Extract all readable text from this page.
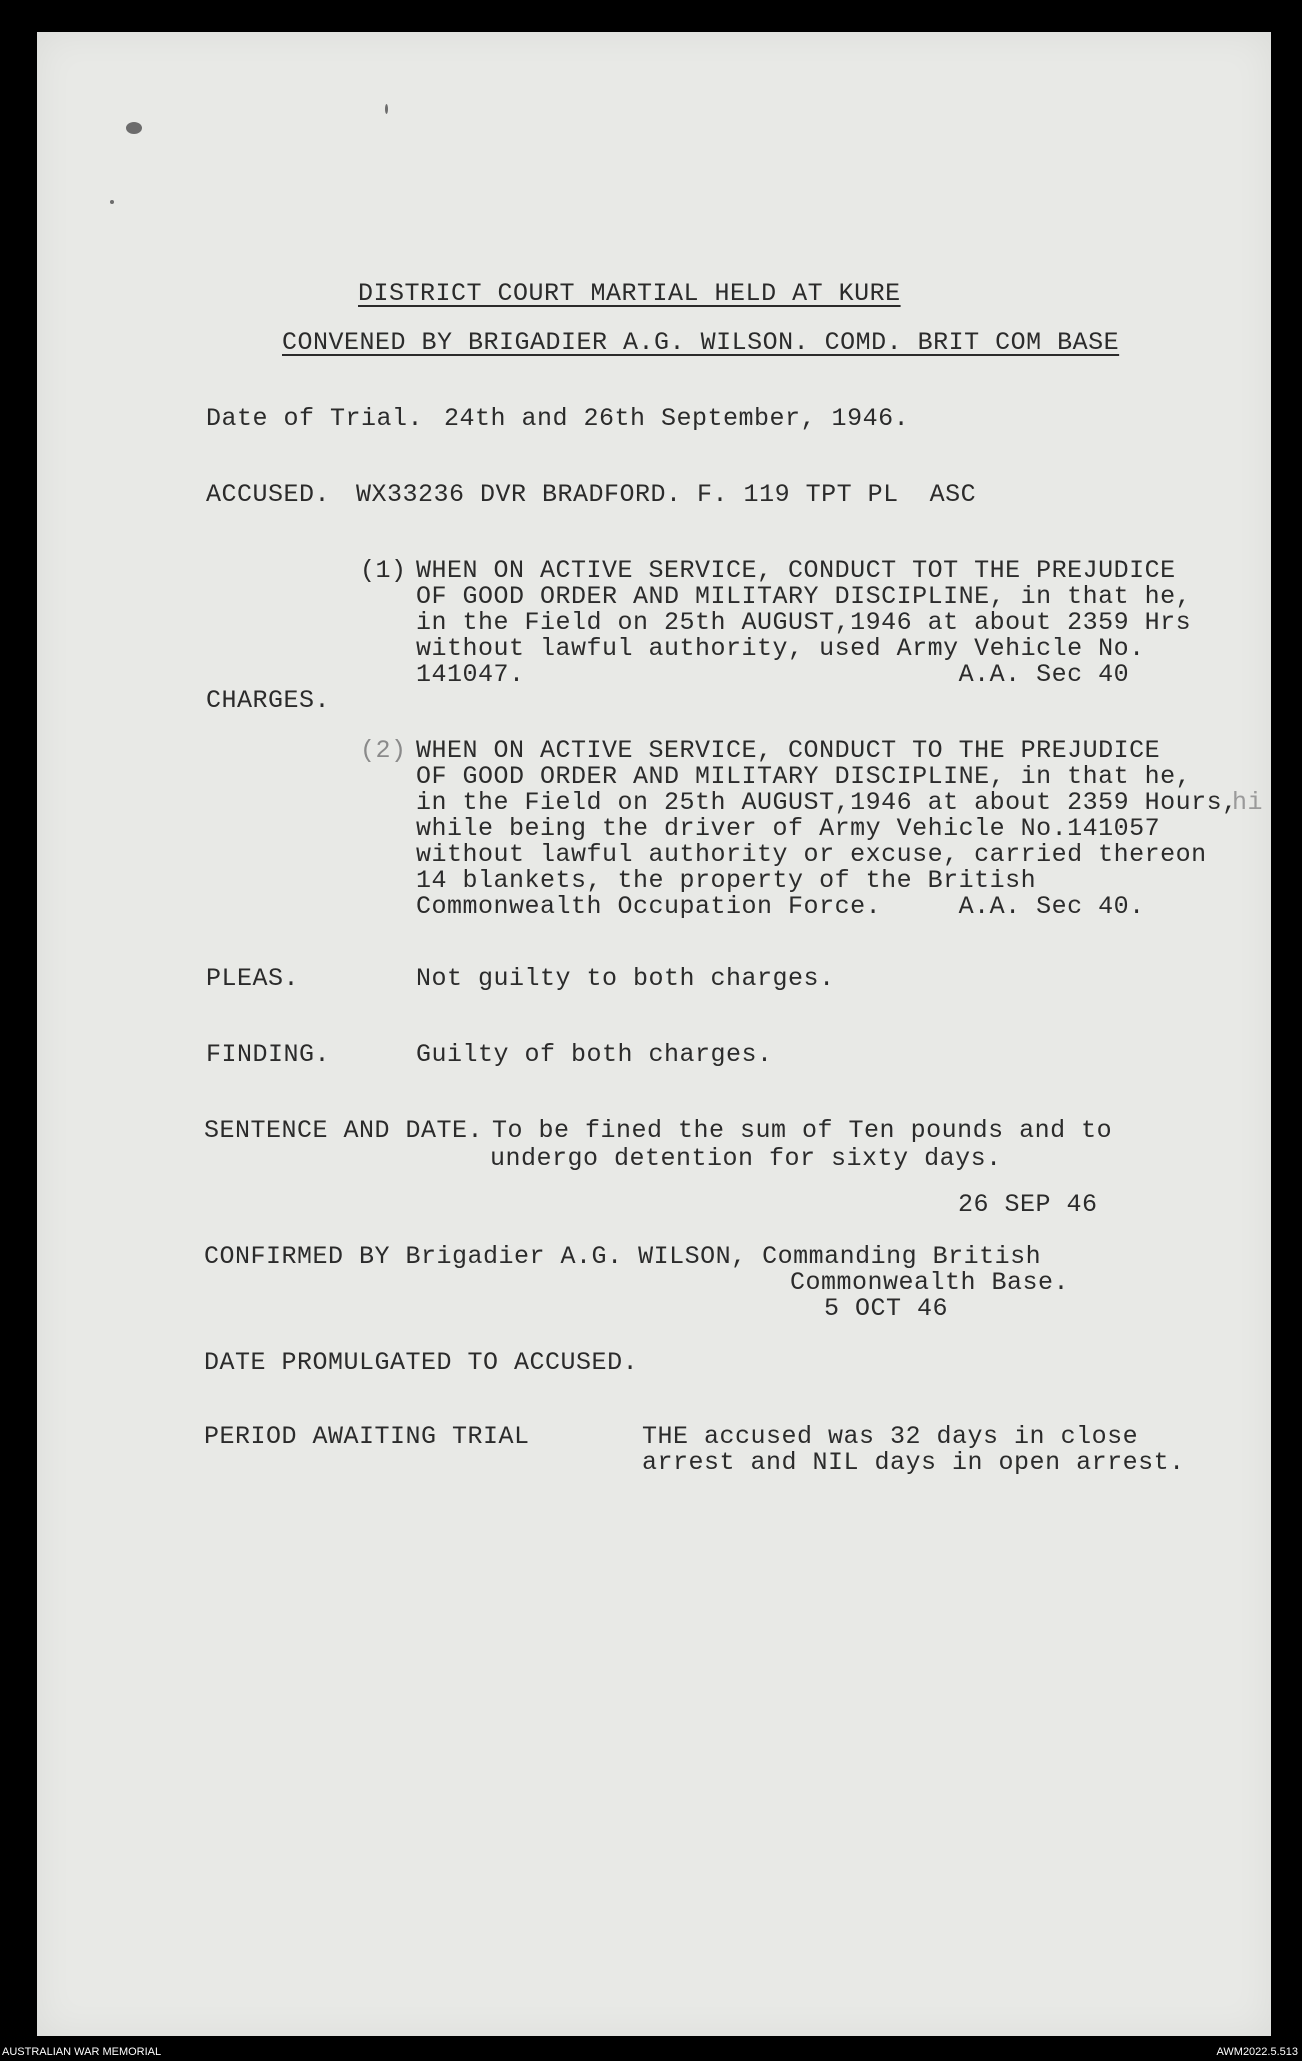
DISTRICT COURT MARTIAL HELD AT KURE
CONVENED BY BRIGADIER A.G. WILSON. COMD. BRIT COM BASE
Date of Trial. 24th and 26th September, 1946.
ACCUSED. WX33236 DVR BRADFORD. F. 119 TPT PL  ASC
(1) WHEN ON ACTIVE SERVICE, CONDUCT TOT THE PREJUDICE
OF GOOD ORDER AND MILITARY DISCIPLINE, in that he,
in the Field on 25th AUGUST,1946 at about 2359 Hrs
without lawful authority, used Army Vehicle No.
141047.                            A.A. Sec 40
CHARGES.
(2) WHEN ON ACTIVE SERVICE, CONDUCT TO THE PREJUDICE
OF GOOD ORDER AND MILITARY DISCIPLINE, in that he,
in the Field on 25th AUGUST,1946 at about 2359 Hours,
hi
while being the driver of Army Vehicle No.141057
without lawful authority or excuse, carried thereon
14 blankets, the property of the British
Commonwealth Occupation Force.     A.A. Sec 40.
PLEAS.	Not guilty to both charges.
FINDING.	Guilty of both charges.
SENTENCE AND DATE. To be fined the sum of Ten pounds and to
undergo detention for sixty days.
26 SEP 46
CONFIRMED BY Brigadier A.G. WILSON, Commanding British
Commonwealth Base.
5 OCT 46
DATE PROMULGATED TO ACCUSED.
PERIOD AWAITING TRIAL	THE accused was 32 days in close
arrest and NIL days in open arrest.
AUSTRALIAN WAR MEMORIAL	AWM2022.5.513
